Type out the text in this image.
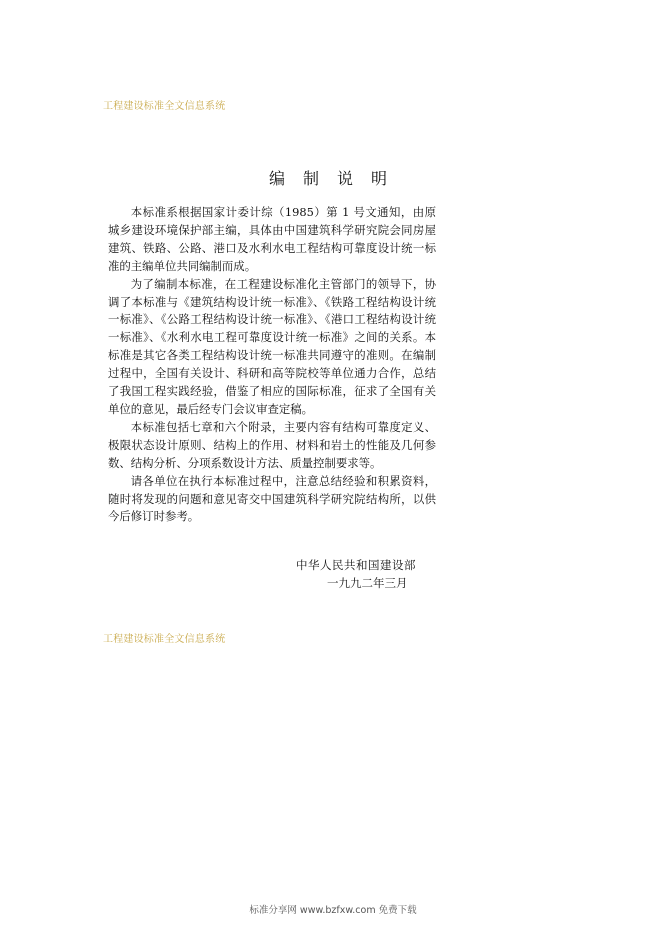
工程建设标准全文信息系统
编制说明

本标准系根据国家计委计综（1985）第 1 号文通知，由原城乡建设环境保护部主编，具体由中国建筑科学研究院会同房屋建筑、铁路、公路、港口及水利水电工程结构可靠度设计统一标准的主编单位共同编制而成。

为了编制本标准，在工程建设标准化主管部门的领导下，协调了本标准与《建筑结构设计统一标准》、《铁路工程结构设计统一标准》、《公路工程结构设计统一标准》、《港口工程结构设计统一标准》、《水利水电工程可靠度设计统一标准》之间的关系。本标准是其它各类工程结构设计统一标准共同遵守的准则。在编制过程中，全国有关设计、科研和高等院校等单位通力合作，总结了我国工程实践经验，借鉴了相应的国际标准，征求了全国有关单位的意见，最后经专门会议审查定稿。

本标准包括七章和六个附录，主要内容有结构可靠度定义、极限状态设计原则、结构上的作用、材料和岩土的性能及几何参数、结构分析、分项系数设计方法、质量控制要求等。

请各单位在执行本标准过程中，注意总结经验和积累资料，随时将发现的问题和意见寄交中国建筑科学研究院结构所，以供今后修订时参考。

中华人民共和国建设部
一九九二年三月
工程建设标准全文信息系统
标准分享网 www.bzfxw.com 免费下载
